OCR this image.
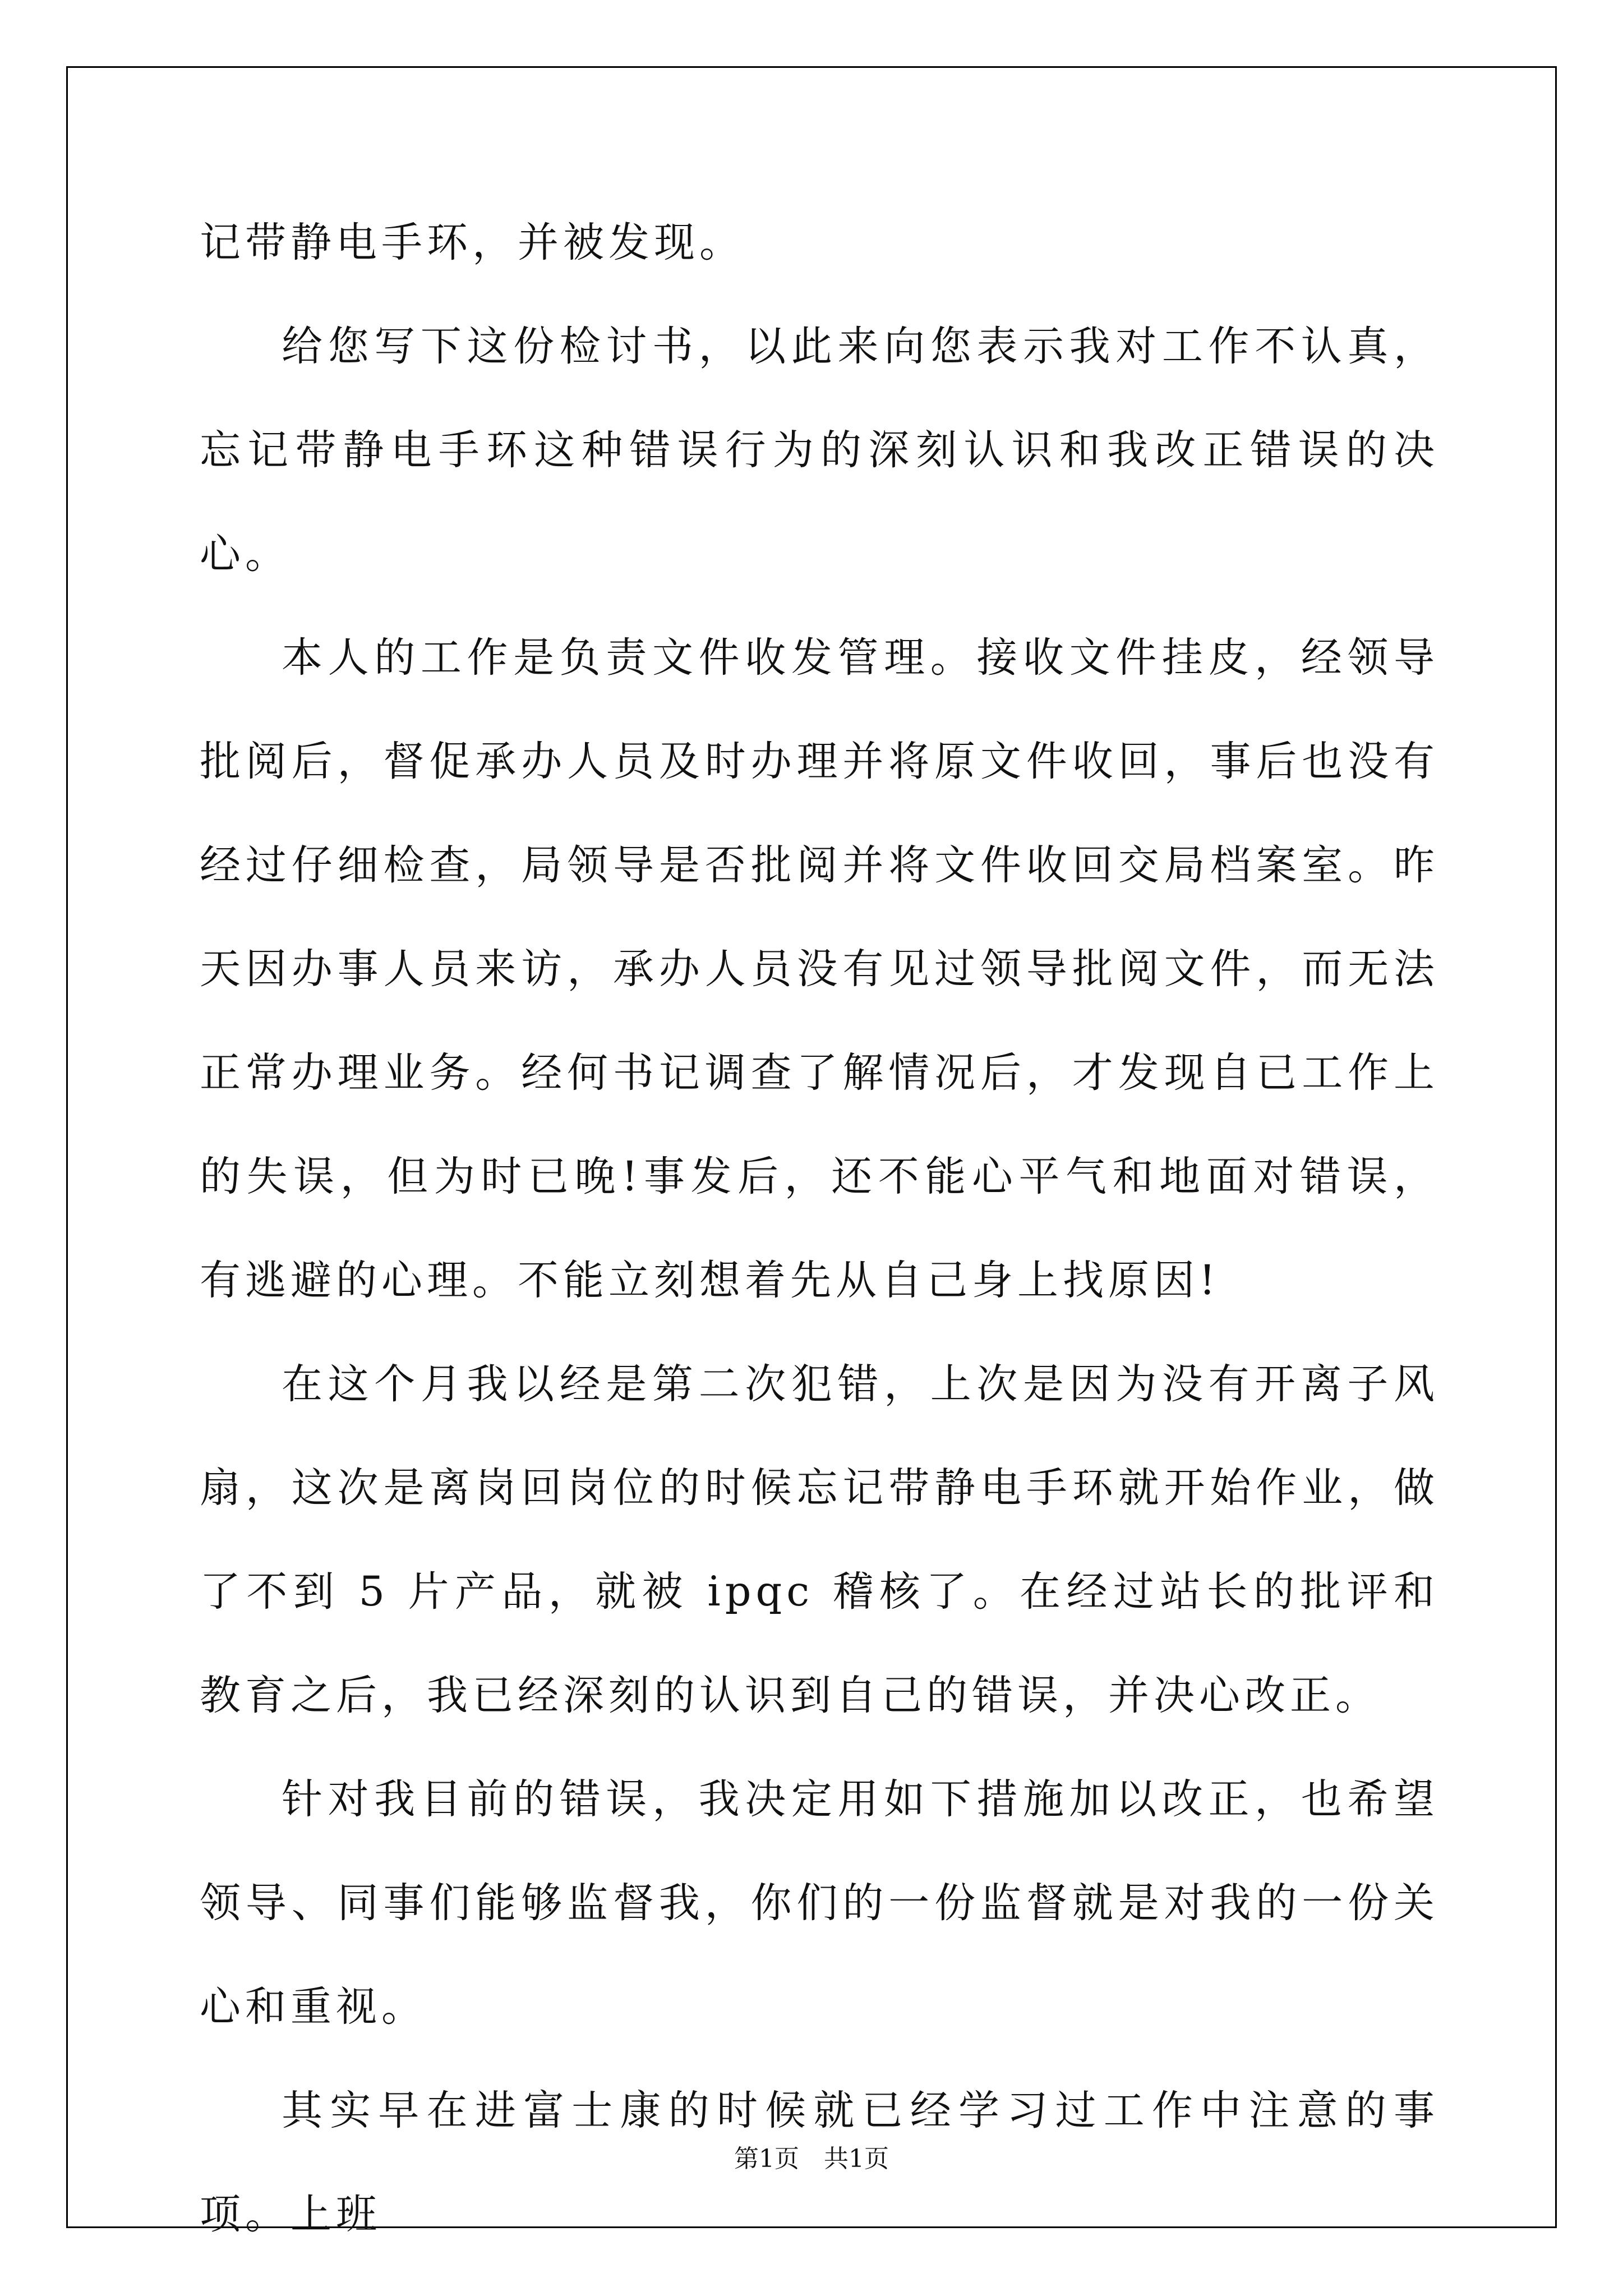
记带静电手环，并被发现。

给您写下这份检讨书，以此来向您表示我对工作不认真，忘记带静电手环这种错误行为的深刻认识和我改正错误的决心。

本人的工作是负责文件收发管理。接收文件挂皮，经领导批阅后，督促承办人员及时办理并将原文件收回，事后也没有经过仔细检查，局领导是否批阅并将文件收回交局档案室。昨天因办事人员来访，承办人员没有见过领导批阅文件，而无法正常办理业务。经何书记调查了解情况后，才发现自已工作上的失误，但为时已晚!事发后，还不能心平气和地面对错误，有逃避的心理。不能立刻想着先从自己身上找原因!

在这个月我以经是第二次犯错，上次是因为没有开离子风扇，这次是离岗回岗位的时候忘记带静电手环就开始作业，做了不到 5 片产品，就被 ipqc 稽核了。在经过站长的批评和教育之后，我已经深刻的认识到自己的错误，并决心改正。

针对我目前的错误，我决定用如下措施加以改正，也希望领导、同事们能够监督我，你们的一份监督就是对我的一份关心和重视。

其实早在进富士康的时候就已经学习过工作中注意的事项。上班

第1页　共1页
